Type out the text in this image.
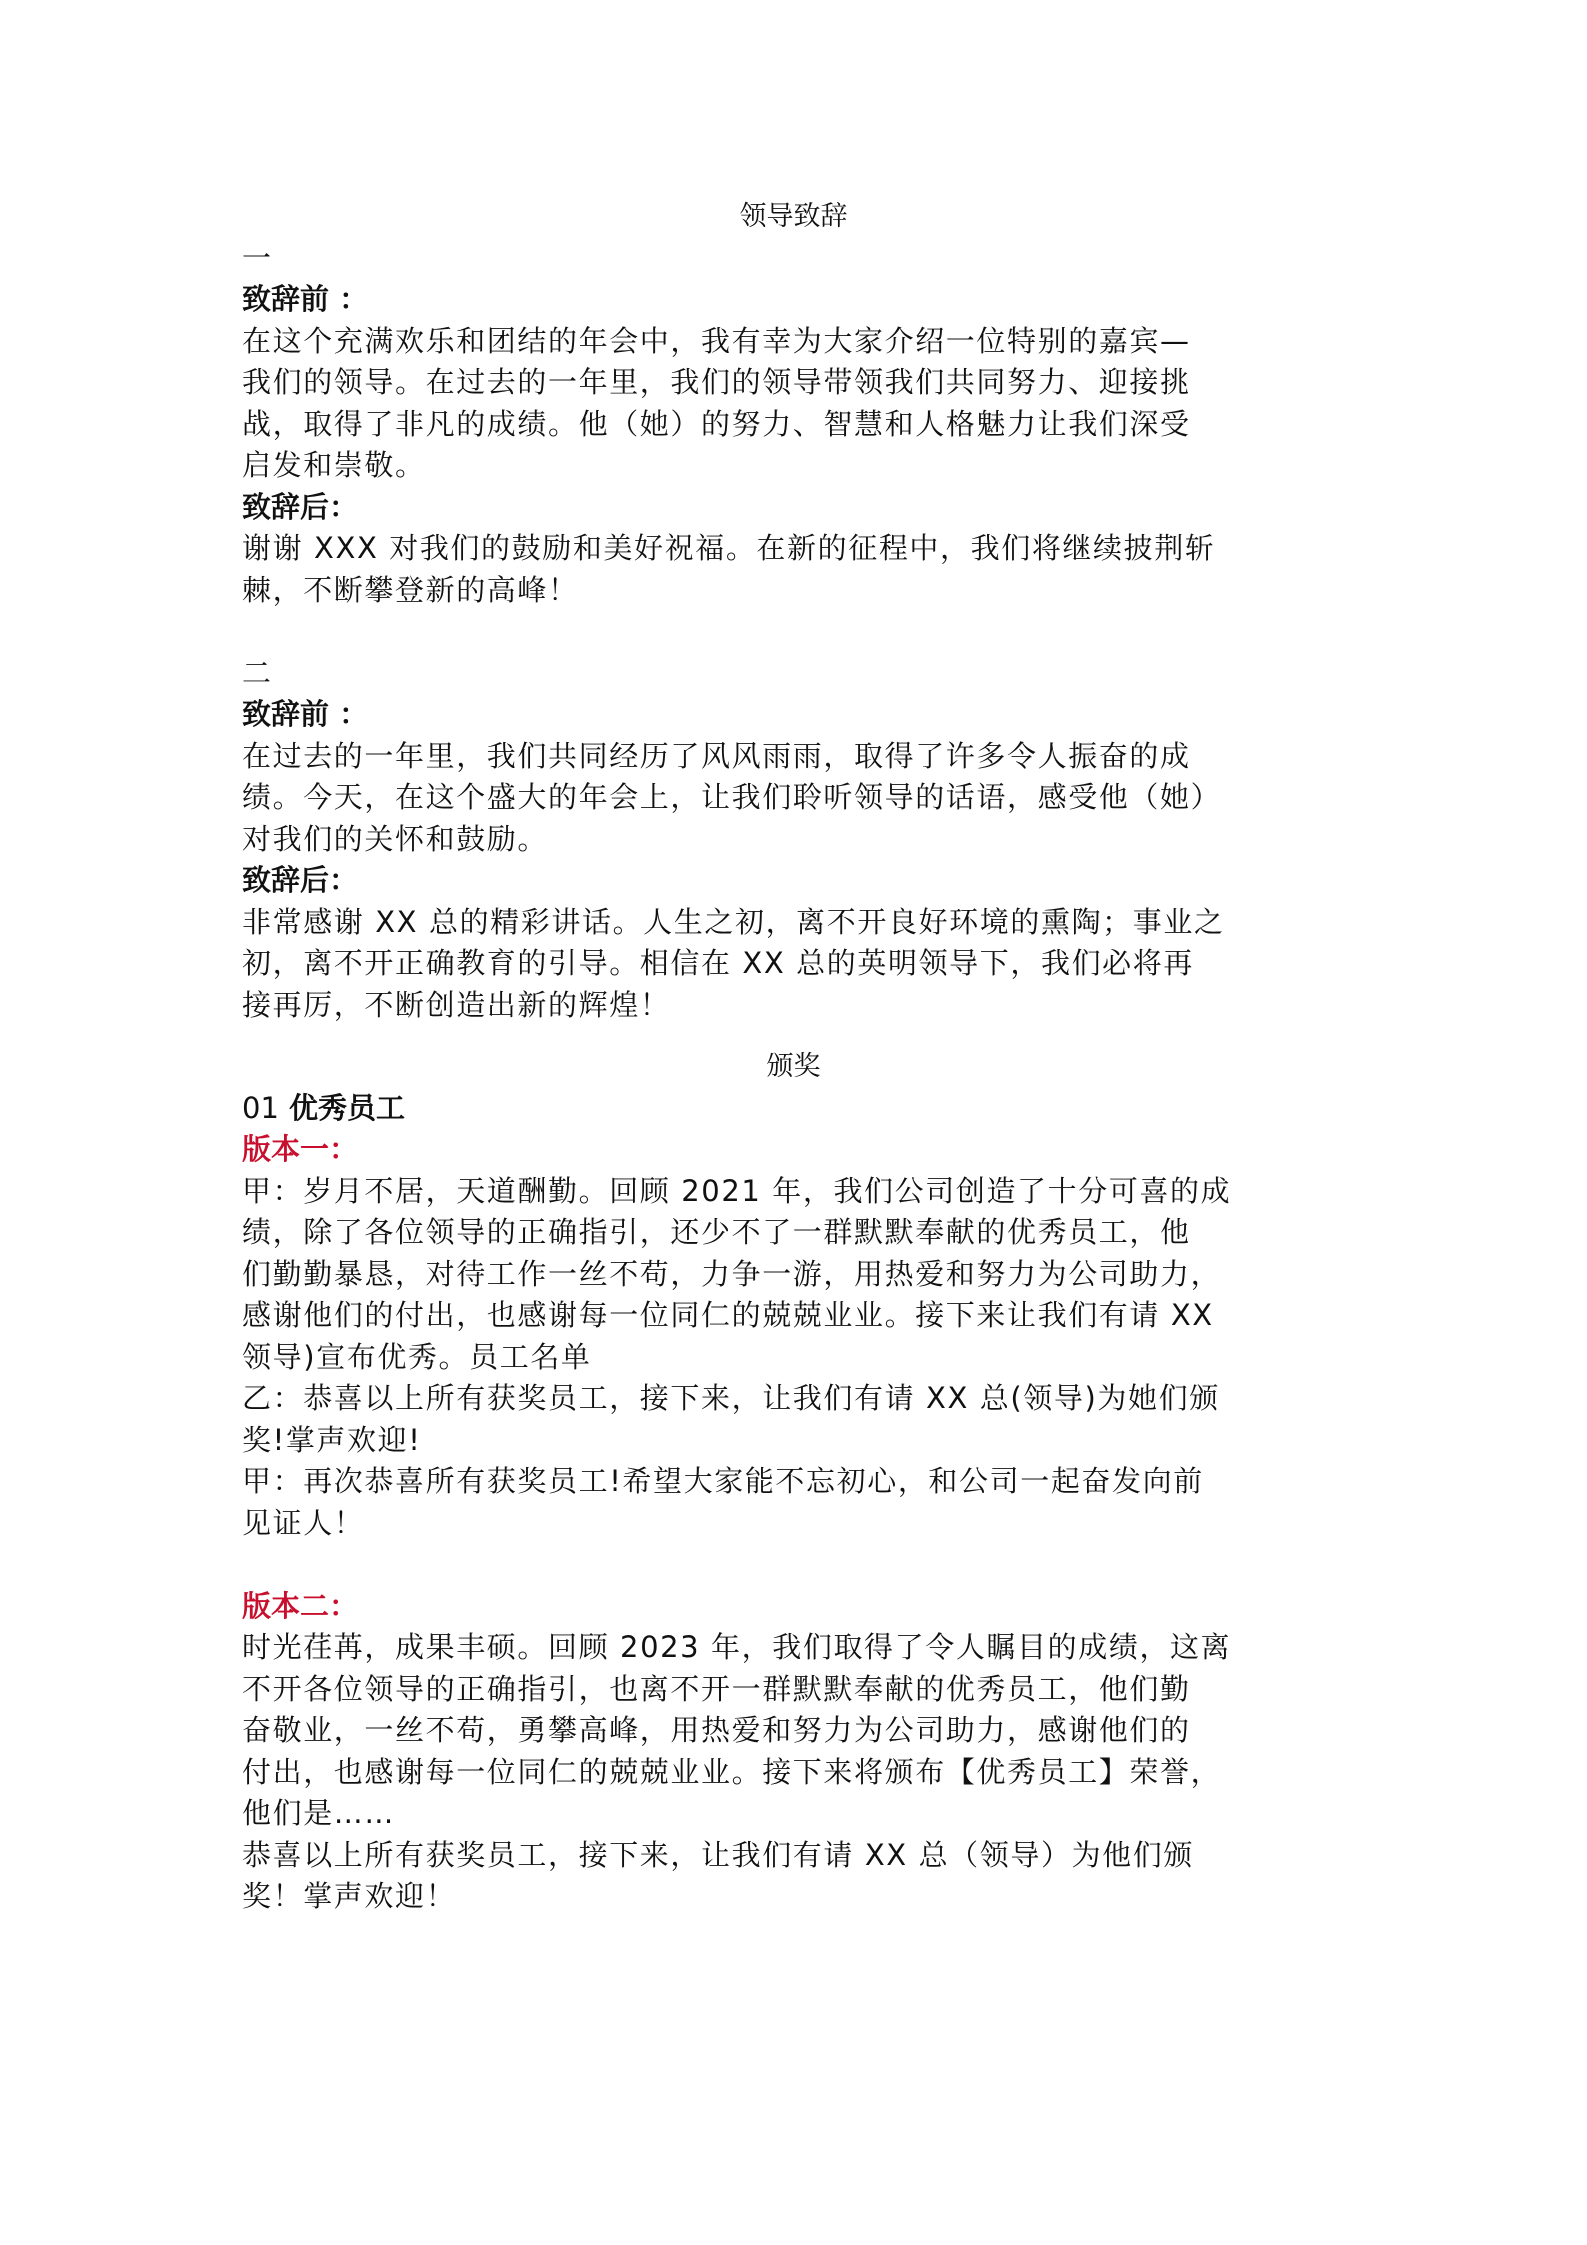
领导致辞
一
致辞前 ：
在这个充满欢乐和团结的年会中，我有幸为大家介绍一位特别的嘉宾—
我们的领导。在过去的一年里，我们的领导带领我们共同努力、迎接挑
战，取得了非凡的成绩。他（她）的努力、智慧和人格魅力让我们深受
启发和崇敬。
致辞后：
谢谢 XXX 对我们的鼓励和美好祝福。在新的征程中，我们将继续披荆斩
棘，不断攀登新的高峰！
二
致辞前 ：
在过去的一年里，我们共同经历了风风雨雨，取得了许多令人振奋的成
绩。今天，在这个盛大的年会上，让我们聆听领导的话语，感受他（她）
对我们的关怀和鼓励。
致辞后：
非常感谢 XX 总的精彩讲话。人生之初，离不开良好环境的熏陶；事业之
初，离不开正确教育的引导。相信在 XX 总的英明领导下，我们必将再
接再厉，不断创造出新的辉煌！
颁奖
01 优秀员工
版本一：
甲：岁月不居，天道酬勤。回顾 2021 年，我们公司创造了十分可喜的成
绩，除了各位领导的正确指引，还少不了一群默默奉献的优秀员工，他
们勤勤暴恳，对待工作一丝不苟，力争一游，用热爱和努力为公司助力，
感谢他们的付出，也感谢每一位同仁的兢兢业业。接下来让我们有请 XX
领导)宣布优秀。员工名单
乙：恭喜以上所有获奖员工，接下来，让我们有请 XX 总(领导)为她们颁
奖!掌声欢迎!
甲：再次恭喜所有获奖员工!希望大家能不忘初心，和公司一起奋发向前
见证人！
版本二：
时光荏苒，成果丰硕。回顾 2023 年，我们取得了令人瞩目的成绩，这离
不开各位领导的正确指引，也离不开一群默默奉献的优秀员工，他们勤
奋敬业，一丝不苟，勇攀高峰，用热爱和努力为公司助力，感谢他们的
付出，也感谢每一位同仁的兢兢业业。接下来将颁布【优秀员工】荣誉，
他们是……
恭喜以上所有获奖员工，接下来，让我们有请 XX 总（领导）为他们颁
奖！掌声欢迎！
